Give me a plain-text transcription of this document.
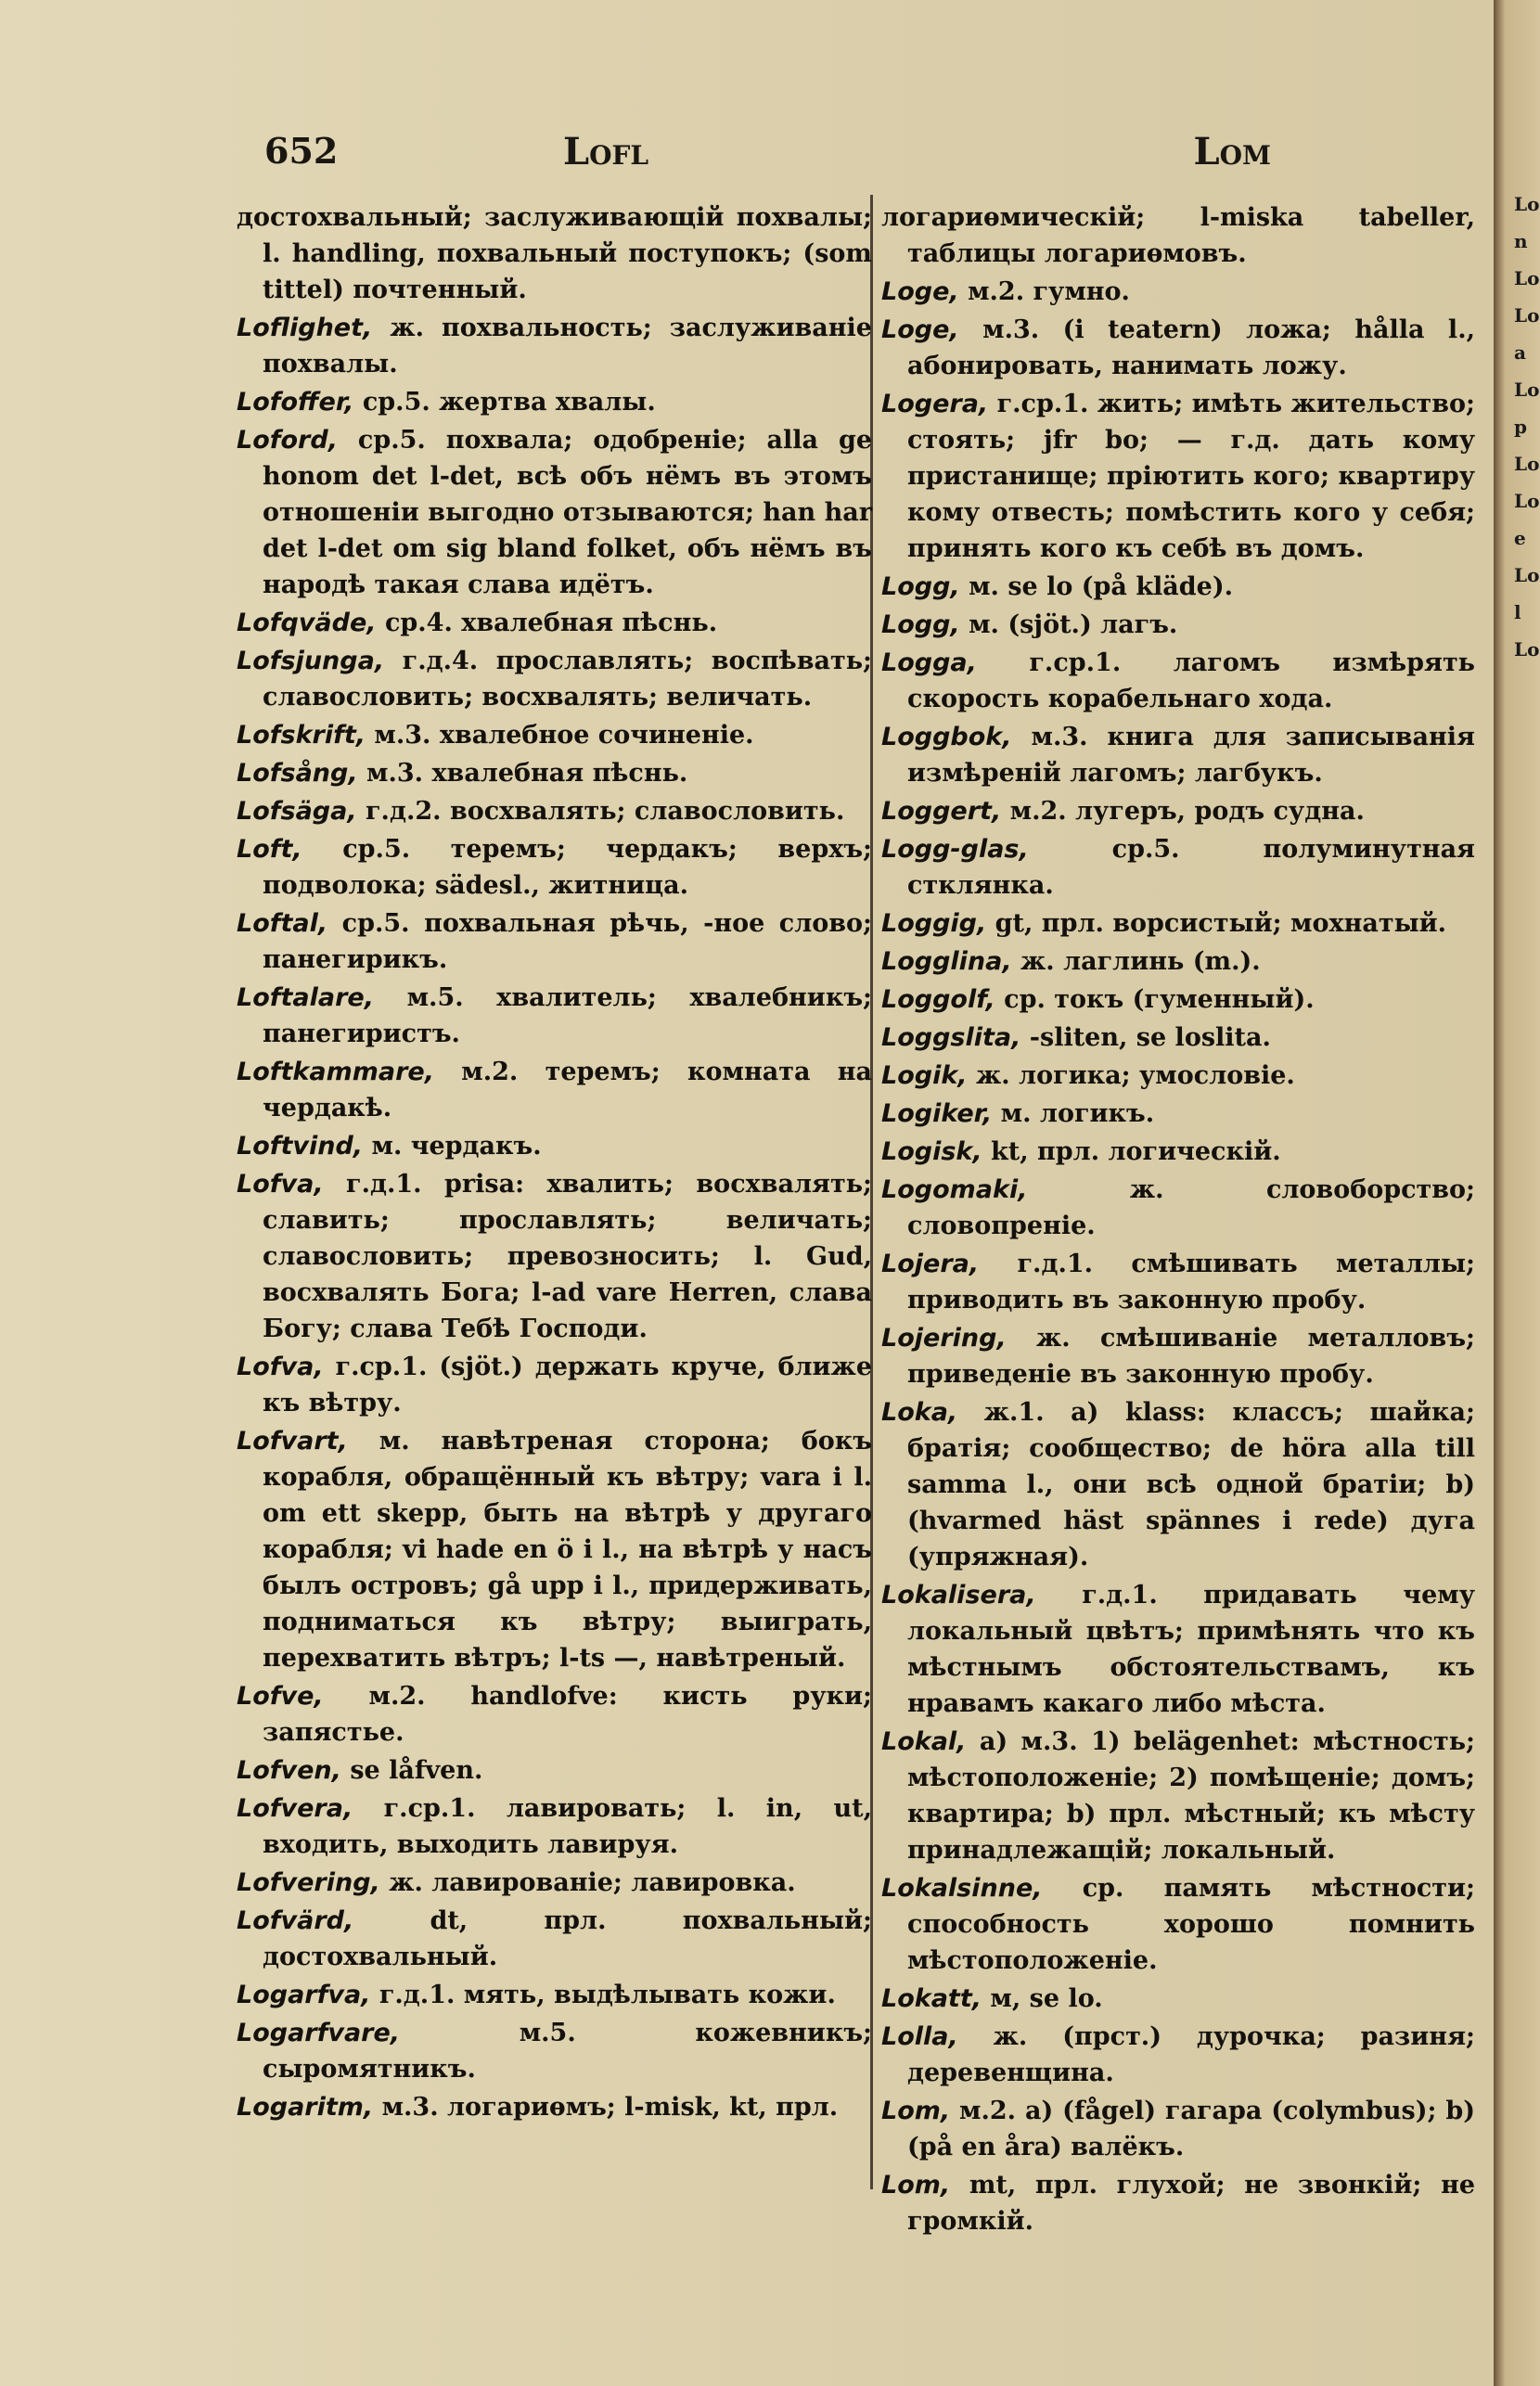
652	Lofl	Lom
достохвальный; заслуживающій похвалы; l. handling, похвальный поступокъ; (som tittel) почтенный.
Loflighet, ж. похвальность; заслуживаніе похвалы.
Lofoffer, ср.5. жертва хвалы.
Loford, ср.5. похвала; одобреніе; alla ge honom det l-det, всѣ объ нёмъ въ этомъ отношеніи выгодно отзываются; han har det l-det om sig bland folket, объ нёмъ въ народѣ такая слава идётъ.
Lofqväde, ср.4. хвалебная пѣснь.
Lofsjunga, г.д.4. прославлять; воспѣвать; славословить; восхвалять; величать.
Lofskrift, м.3. хвалебное сочиненіе.
Lofsång, м.3. хвалебная пѣснь.
Lofsäga, г.д.2. восхвалять; славословить.
Loft, ср.5. теремъ; чердакъ; верхъ; подволока; sädesl., житница.
Loftal, ср.5. похвальная рѣчь, -ное слово; панегирикъ.
Loftalare, м.5. хвалитель; хвалебникъ; панегиристъ.
Loftkammare, м.2. теремъ; комната на чердакѣ.
Loftvind, м. чердакъ.
Lofva, г.д.1. prisa: хвалить; восхвалять; славить; прославлять; величать; славословить; превозносить; l. Gud, восхвалять Бога; l-ad vare Herren, слава Богу; слава Тебѣ Господи.
Lofva, г.ср.1. (sjöt.) держать круче, ближе къ вѣтру.
Lofvart, м. навѣтреная сторона; бокъ корабля, обращённый къ вѣтру; vara i l. om ett skepp, быть на вѣтрѣ у другаго корабля; vi hade en ö i l., на вѣтрѣ у насъ былъ островъ; gå upp i l., придерживать, подниматься къ вѣтру; выиграть, перехватить вѣтръ; l-ts —, навѣтреный.
Lofve, м.2. handlofve: кисть руки; запястье.
Lofven, se låfven.
Lofvera, г.ср.1. лавировать; l. in, ut, входить, выходить лавируя.
Lofvering, ж. лавированіе; лавировка.
Lofvärd,	dt, прл. похвальный; достохвальный.
Logarfva, г.д.1. мять, выдѣлывать кожи.
Logarfvare,	м.5. кожевникъ; сыромятникъ.
Logaritm, м.3. логариѳмъ; l-misk, kt, прл.
логариѳмическій; l-miska tabeller, таблицы логариѳмовъ.
Loge, м.2. гумно.
Loge, м.3. (i teatern) ложа; hålla l., абонировать, нанимать ложу.
Logera, г.ср.1. жить; имѣть жительство; стоять; jfr bo; — г.д. дать кому пристанище; пріютить кого; квартиру кому отвесть; помѣстить кого у себя; принять кого къ себѣ въ домъ.
Logg, м. se lo (på kläde).
Logg, м. (sjöt.) лагъ.
Logga, г.ср.1. лагомъ измѣрять скорость корабельнаго хода.
Loggbok, м.3. книга для записыванія измѣреній лагомъ; лагбукъ.
Loggert, м.2. лугеръ, родъ судна.
Logg-glas,	ср.5. полуминутная стклянка.
Loggig, gt, прл. ворсистый; мохнатый.
Logglina, ж. лаглинь (m.).
Loggolf, ср. токъ (гуменный).
Loggslita, -sliten, se loslita.
Logik, ж. логика; умословіе.
Logiker, м. логикъ.
Logisk, kt, прл. логическій.
Logomaki,	ж. словоборство; словопреніе.
Lojera, г.д.1. смѣшивать металлы; приводить въ законную пробу.
Lojering, ж. смѣшиваніе металловъ; приведеніе въ законную пробу.
Loka, ж.1. a) klass: классъ; шайка; братія; сообщество; de höra alla till samma l., они всѣ одной братіи; b) (hvarmed häst spännes i rede) дуга (упряжная).
Lokalisera, г.д.1. придавать чему локальный цвѣтъ; примѣнять что къ мѣстнымъ обстоятельствамъ, къ нравамъ какаго либо мѣста.
Lokal, a) м.3. 1) belägenhet: мѣстность; мѣстоположеніе; 2) помѣщеніе; домъ; квартира; b) прл. мѣстный; къ мѣсту принадлежащій; локальный.
Lokalsinne, ср. память мѣстности; способность хорошо помнить мѣстоположеніе.
Lokatt, м, se lo.
Lolla, ж. (прст.) дурочка; разиня; деревенщина.
Lom, м.2. a) (fågel) гагара (colymbus); b) (på en åra) валёкъ.
Lom, mt, прл. глухой; не звонкій; не громкій.
Lo n Lo Lo a Lo p Lo Lo e Lo l Lo
